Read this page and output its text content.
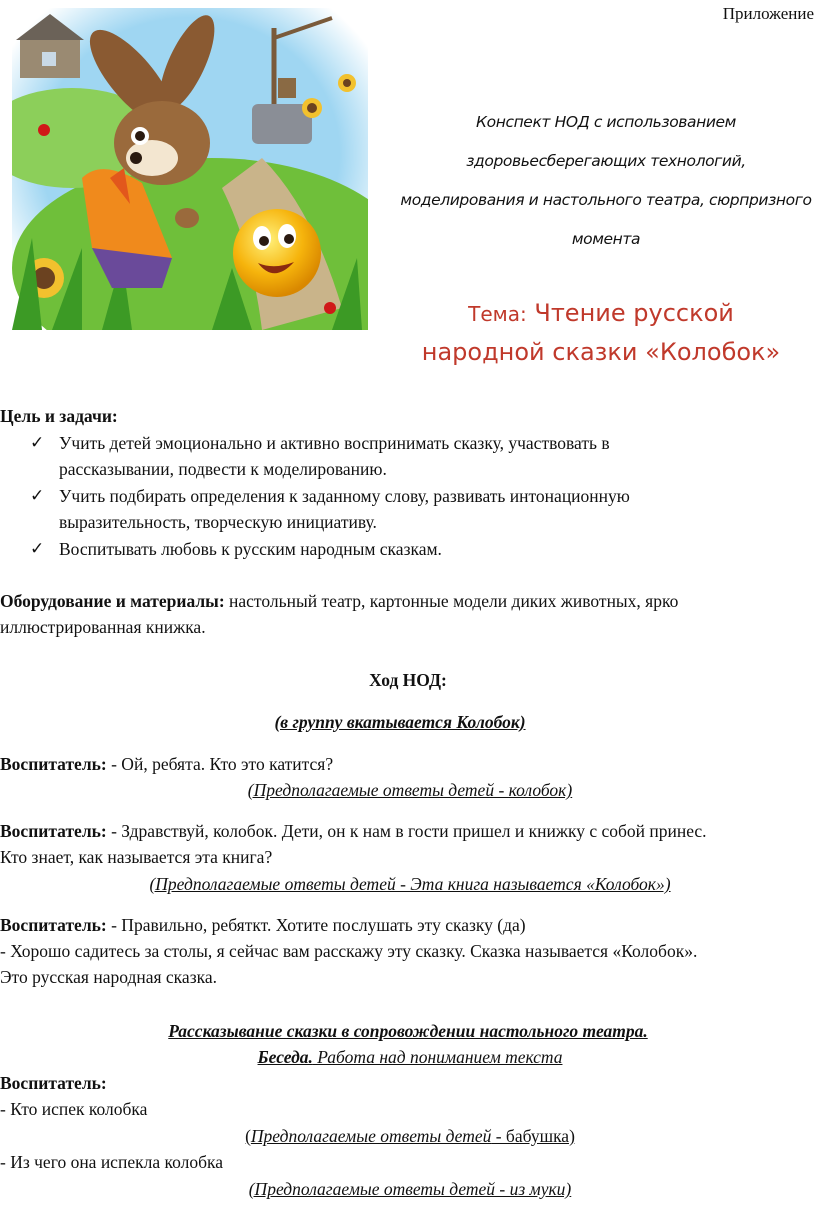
Приложение
Конспект НОД с использованием
здоровьесберегающих технологий,
моделирования и настольного театра, сюрпризного
момента
Тема: Чтение русской
народной сказки «Колобок»
Цель и задачи:
✓ Учить детей эмоционально и активно воспринимать сказку, участвовать в
рассказывании, подвести к моделированию.
✓ Учить подбирать определения к заданному слову, развивать интонационную
выразительность, творческую инициативу.
✓ Воспитывать любовь к русским народным сказкам.
Оборудование и материалы: настольный театр, картонные модели диких животных, ярко
иллюстрированная книжка.
Ход НОД:
(в группу вкатывается Колобок)
Воспитатель: - Ой, ребята. Кто это катится?
(Предполагаемые ответы детей - колобок)
Воспитатель: - Здравствуй, колобок. Дети, он к нам в гости пришел и книжку с собой принес.
Кто знает, как называется эта книга?
(Предполагаемые ответы детей - Эта книга называется «Колобок»)
Воспитатель: - Правильно, ребяткт. Хотите послушать эту сказку (да)
- Хорошо садитесь за столы, я сейчас вам расскажу эту сказку. Сказка называется «Колобок».
Это русская народная сказка.
Рассказывание сказки в сопровождении настольного театра.
Беседа. Работа над пониманием текста
Воспитатель:
- Кто испек колобка
(Предполагаемые ответы детей - бабушка)
- Из чего она испекла колобка
(Предполагаемые ответы детей - из муки)
